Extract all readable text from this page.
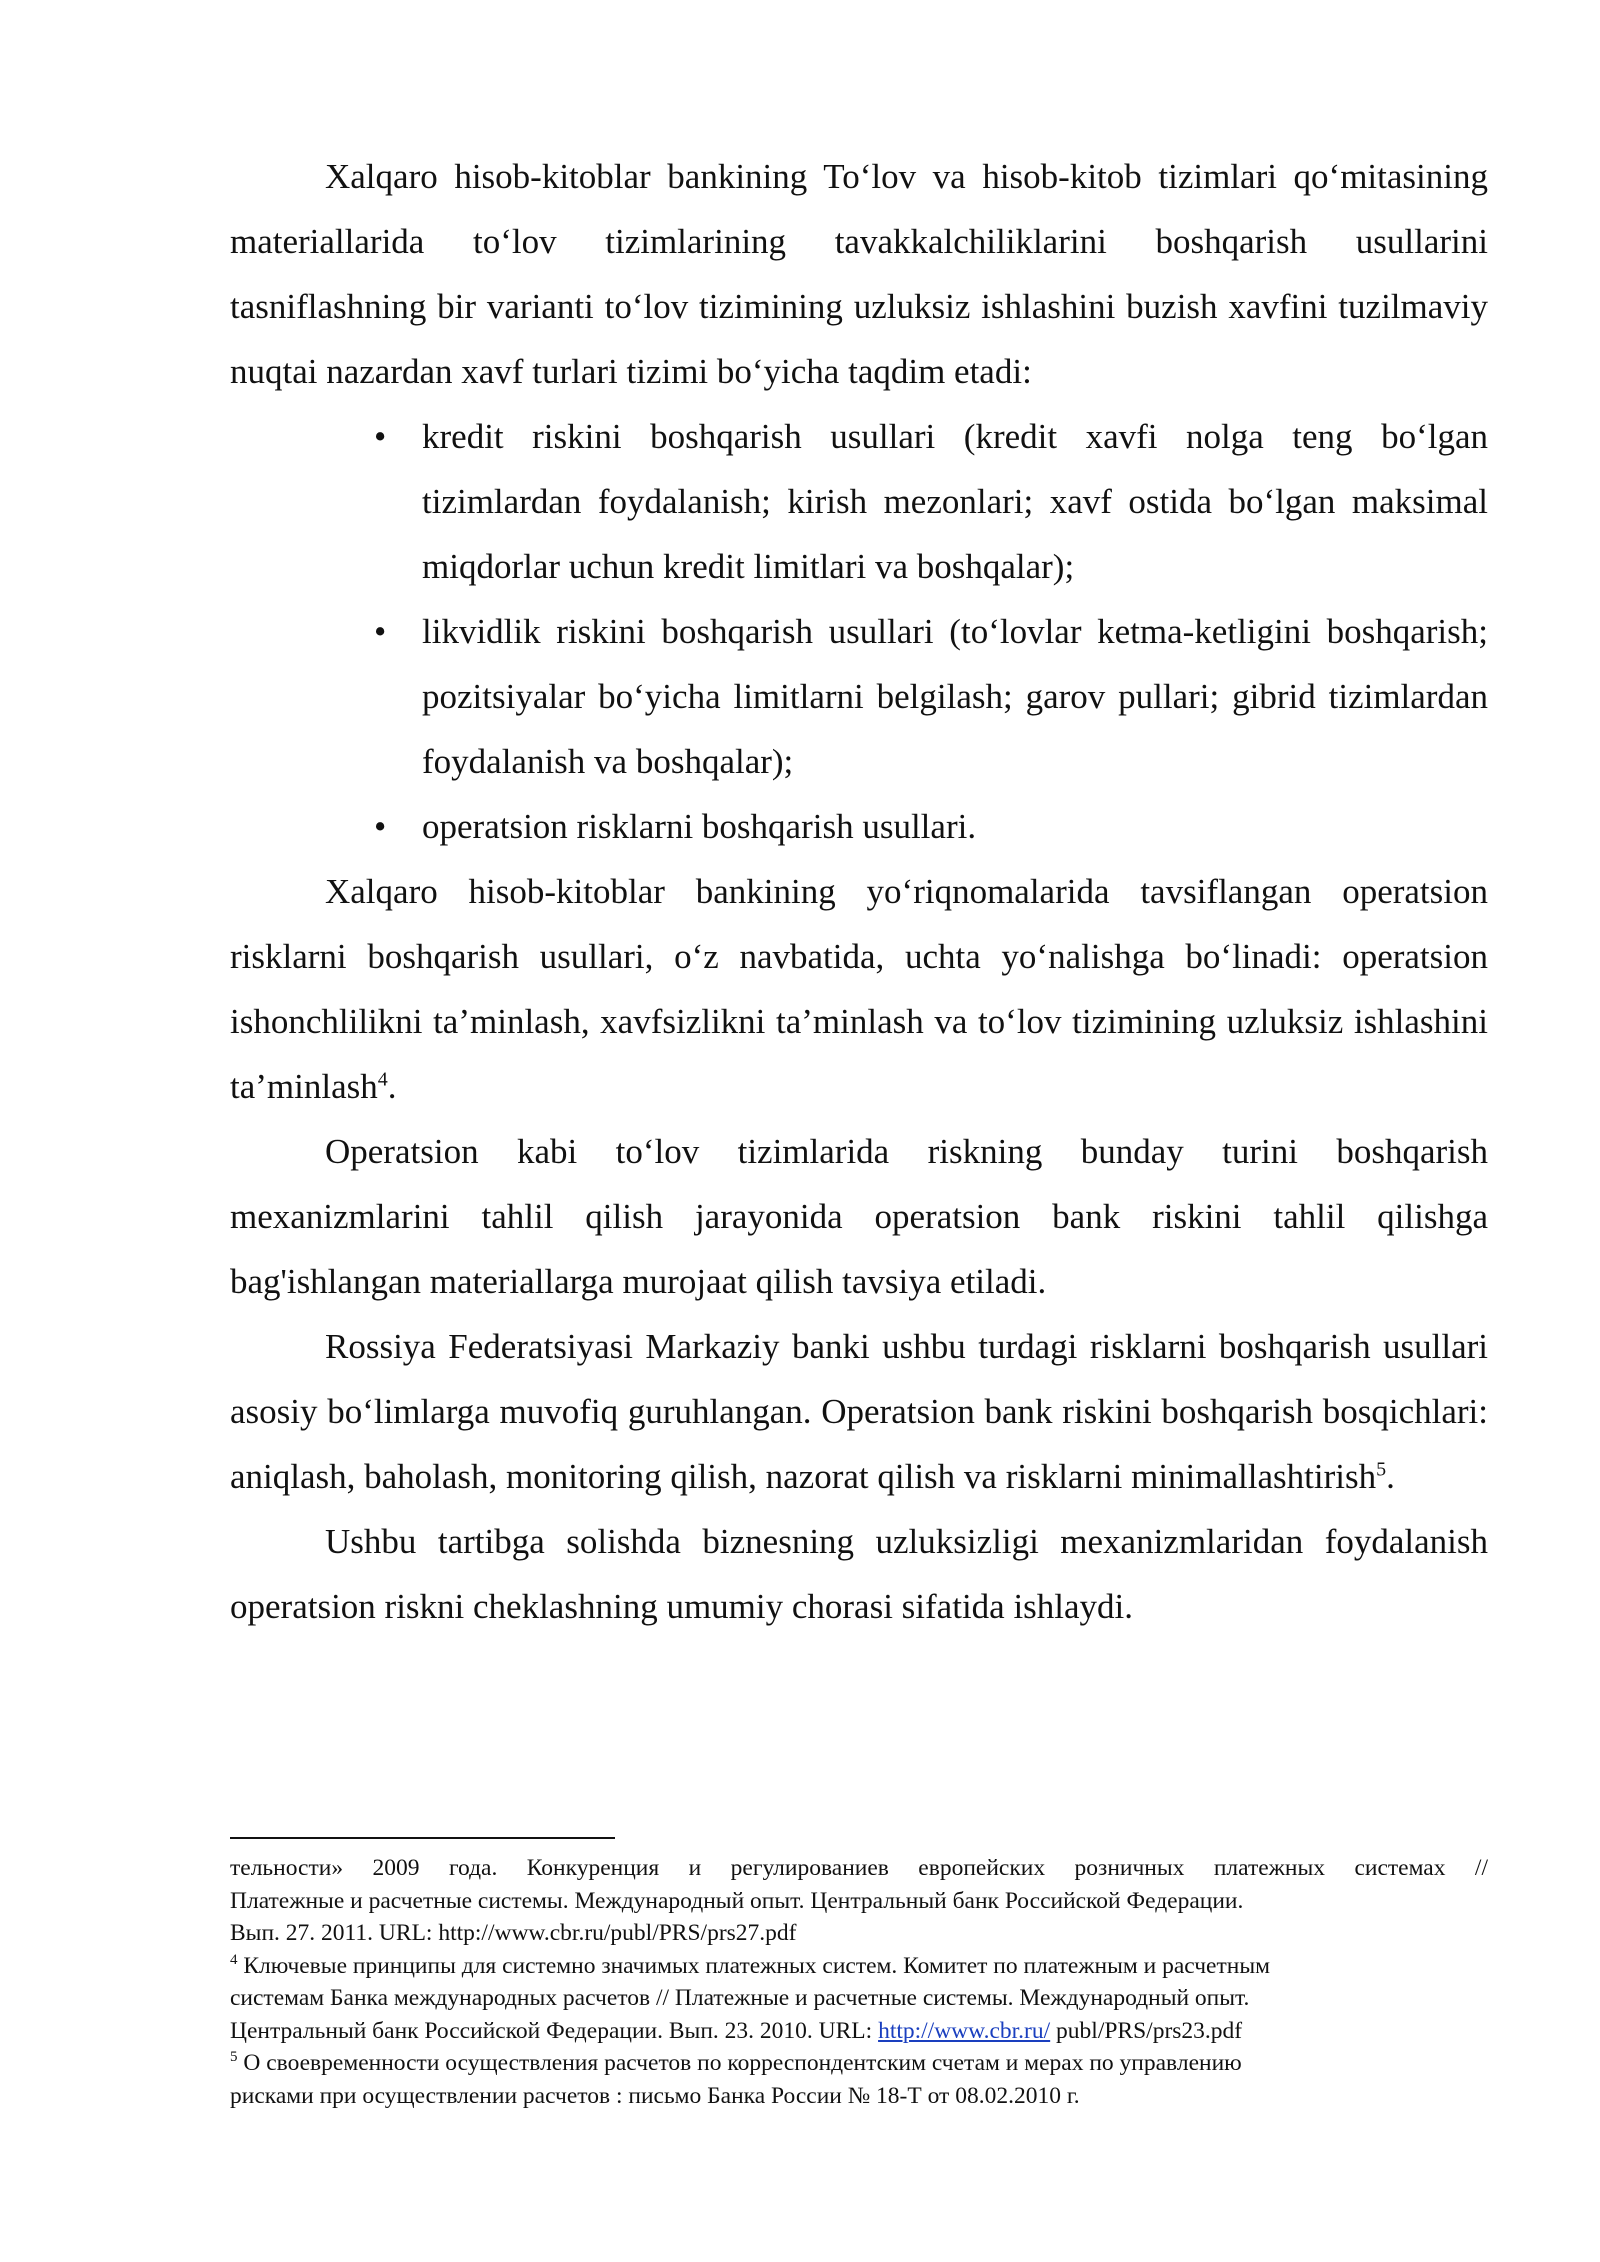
Xalqaro hisob-kitoblar bankining To‘lov va hisob-kitob tizimlari qo‘mitasining materiallarida to‘lov tizimlarining tavakkalchiliklarini boshqarish usullarini tasniflashning bir varianti to‘lov tizimining uzluksiz ishlashini buzish xavfini tuzilmaviy nuqtai nazardan xavf turlari tizimi bo‘yicha taqdim etadi:

• kredit riskini boshqarish usullari (kredit xavfi nolga teng bo‘lgan tizimlardan foydalanish; kirish mezonlari; xavf ostida bo‘lgan maksimal miqdorlar uchun kredit limitlari va boshqalar);
• likvidlik riskini boshqarish usullari (to‘lovlar ketma-ketligini boshqarish; pozitsiyalar bo‘yicha limitlarni belgilash; garov pullari; gibrid tizimlardan foydalanish va boshqalar);
• operatsion risklarni boshqarish usullari.

Xalqaro hisob-kitoblar bankining yo‘riqnomalarida tavsiflangan operatsion risklarni boshqarish usullari, o‘z navbatida, uchta yo‘nalishga bo‘linadi: operatsion ishonchlilikni ta’minlash, xavfsizlikni ta’minlash va to‘lov tizimining uzluksiz ishlashini ta’minlash$^4$.

Operatsion kabi to‘lov tizimlarida riskning bunday turini boshqarish mexanizmlarini tahlil qilish jarayonida operatsion bank riskini tahlil qilishga bag'ishlangan materiallarga murojaat qilish tavsiya etiladi.

Rossiya Federatsiyasi Markaziy banki ushbu turdagi risklarni boshqarish usullari asosiy bo‘limlarga muvofiq guruhlangan. Operatsion bank riskini boshqarish bosqichlari: aniqlash, baholash, monitoring qilish, nazorat qilish va risklarni minimallashtirish$^5$.

Ushbu tartibga solishda biznesning uzluksizligi mexanizmlaridan foydalanish operatsion riskni cheklashning umumiy chorasi sifatida ishlaydi.

тельности» 2009 года. Конкуренция и регулированиев европейских розничных платежных системах //

Платежные и расчетные системы. Международный опыт. Центральный банк Российской Федерации.

Вып. 27. 2011. URL: http://www.cbr.ru/publ/PRS/prs27.pdf

$^4$ Ключевые принципы для системно значимых платежных систем. Комитет по платежным и расчетным

системам Банка международных расчетов // Платежные и расчетные системы. Международный опыт.

Центральный банк Российской Федерации. Вып. 23. 2010. URL: http://www.cbr.ru/ publ/PRS/prs23.pdf

$^5$ О своевременности осуществления расчетов по корреспондентским счетам и мерах по управлению

рисками при осуществлении расчетов : письмо Банка России № 18-Т от 08.02.2010 г.
